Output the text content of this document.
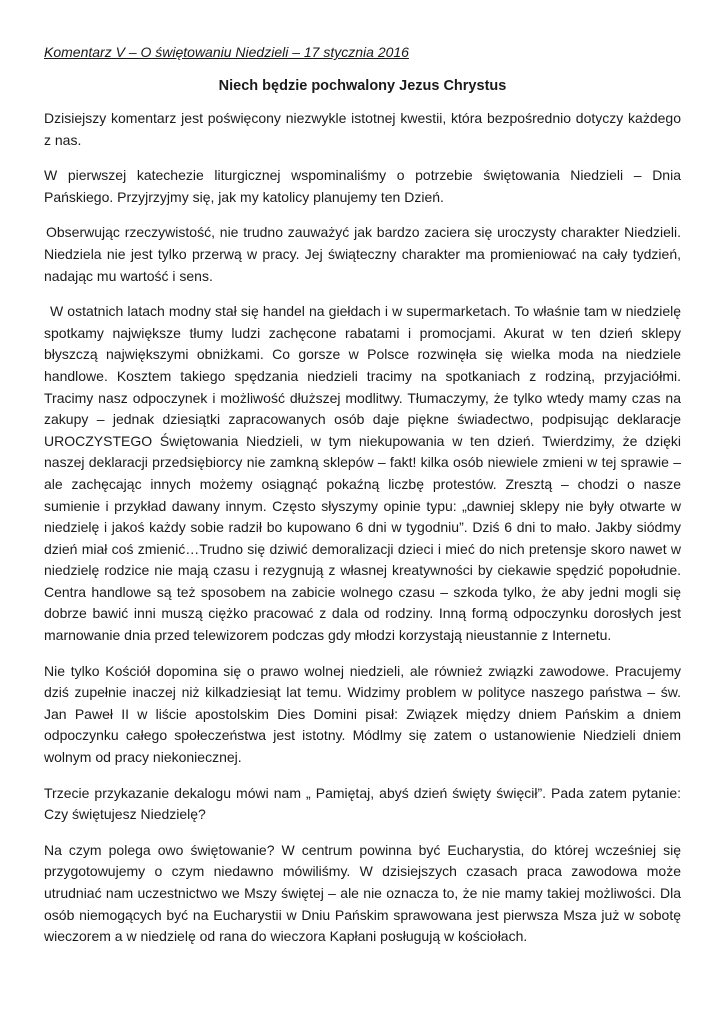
Komentarz V – O świętowaniu Niedzieli – 17 stycznia 2016
Niech będzie pochwalony Jezus Chrystus

Dzisiejszy komentarz jest poświęcony niezwykle istotnej kwestii, która bezpośrednio dotyczy każdego z nas.

W pierwszej katechezie liturgicznej wspominaliśmy o potrzebie świętowania Niedzieli – Dnia Pańskiego. Przyjrzyjmy się, jak my katolicy planujemy ten Dzień.

Obserwując rzeczywistość, nie trudno zauważyć jak bardzo zaciera się uroczysty charakter Niedzieli. Niedziela nie jest tylko przerwą w pracy. Jej świąteczny charakter ma promieniować na cały tydzień, nadając mu wartość i sens.

W ostatnich latach modny stał się handel na giełdach i w supermarketach. To właśnie tam w niedzielę spotkamy największe tłumy ludzi zachęcone rabatami i promocjami. Akurat w ten dzień sklepy błyszczą największymi obniżkami. Co gorsze w Polsce rozwinęła się wielka moda na niedziele handlowe. Kosztem takiego spędzania niedzieli tracimy na spotkaniach z rodziną, przyjaciółmi. Tracimy nasz odpoczynek i możliwość dłuższej modlitwy. Tłumaczymy, że tylko wtedy mamy czas na zakupy – jednak dziesiątki zapracowanych osób daje piękne świadectwo, podpisując deklaracje UROCZYSTEGO Świętowania Niedzieli, w tym niekupowania w ten dzień. Twierdzimy, że dzięki naszej deklaracji przedsiębiorcy nie zamkną sklepów – fakt! kilka osób niewiele zmieni w tej sprawie – ale zachęcając innych możemy osiągnąć pokaźną liczbę protestów. Zresztą – chodzi o nasze sumienie i przykład dawany innym. Często słyszymy opinie typu: „dawniej sklepy nie były otwarte w niedzielę i jakoś każdy sobie radził bo kupowano 6 dni w tygodniu”. Dziś 6 dni to mało. Jakby siódmy dzień miał coś zmienić…Trudno się dziwić demoralizacji dzieci i mieć do nich pretensje skoro nawet w niedzielę rodzice nie mają czasu i rezygnują z własnej kreatywności by ciekawie spędzić popołudnie. Centra handlowe są też sposobem na zabicie wolnego czasu – szkoda tylko, że aby jedni mogli się dobrze bawić inni muszą ciężko pracować z dala od rodziny. Inną formą odpoczynku dorosłych jest marnowanie dnia przed telewizorem podczas gdy młodzi korzystają nieustannie z Internetu.

Nie tylko Kościół dopomina się o prawo wolnej niedzieli, ale również związki zawodowe. Pracujemy dziś zupełnie inaczej niż kilkadziesiąt lat temu. Widzimy problem w polityce naszego państwa – św. Jan Paweł II w liście apostolskim Dies Domini pisał: Związek między dniem Pańskim a dniem odpoczynku całego społeczeństwa jest istotny. Módlmy się zatem o ustanowienie Niedzieli dniem wolnym od pracy niekoniecznej.

Trzecie przykazanie dekalogu mówi nam „ Pamiętaj, abyś dzień święty święcił”. Pada zatem pytanie: Czy świętujesz Niedzielę?

Na czym polega owo świętowanie? W centrum powinna być Eucharystia, do której wcześniej się przygotowujemy o czym niedawno mówiliśmy. W dzisiejszych czasach praca zawodowa może utrudniać nam uczestnictwo we Mszy świętej – ale nie oznacza to, że nie mamy takiej możliwości. Dla osób niemogących być na Eucharystii w Dniu Pańskim sprawowana jest pierwsza Msza już w sobotę wieczorem a w niedzielę od rana do wieczora Kapłani posługują w kościołach.
